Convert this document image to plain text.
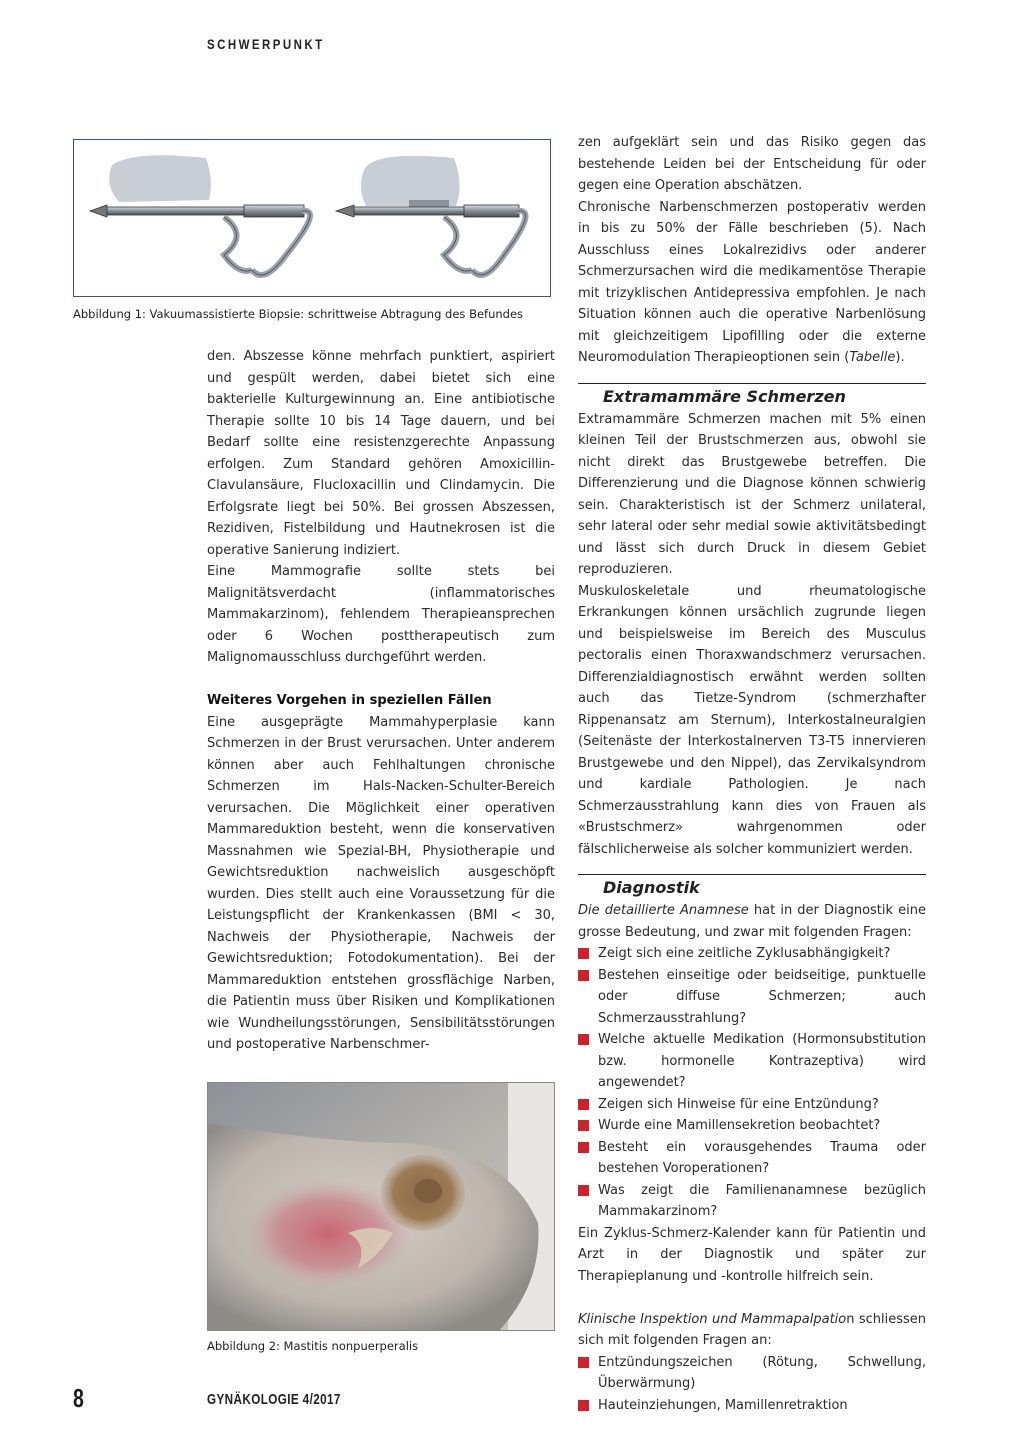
SCHWERPUNKT
Abbildung 1: Vakuumassistierte Biopsie: schrittweise Abtragung des Befundes

den. Abszesse könne mehrfach punktiert, aspiriert und gespült werden, dabei bietet sich eine bakterielle Kulturgewinnung an. Eine antibiotische Therapie sollte 10 bis 14 Tage dauern, und bei Bedarf sollte eine resistenzgerechte Anpassung erfolgen. Zum Standard gehören Amoxicillin-Clavulansäure, Flucloxacillin und Clindamycin. Die Erfolgsrate liegt bei 50%. Bei grossen Abszessen, Rezidiven, Fistelbildung und Hautnekrosen ist die operative Sanierung indiziert.

Eine Mammografie sollte stets bei Malignitätsverdacht (inflammatorisches Mammakarzinom), fehlendem Therapieansprechen oder 6 Wochen posttherapeutisch zum Malignomausschluss durchgeführt werden.

Weiteres Vorgehen in speziellen Fällen

Eine ausgeprägte Mammahyperplasie kann Schmerzen in der Brust verursachen. Unter anderem können aber auch Fehlhaltungen chronische Schmerzen im Hals-Nacken-Schulter-Bereich verursachen. Die Möglichkeit einer operativen Mammareduktion besteht, wenn die konservativen Massnahmen wie Spezial-BH, Physiotherapie und Gewichtsreduktion nachweislich ausgeschöpft wurden. Dies stellt auch eine Voraussetzung für die Leistungspflicht der Krankenkassen (BMI < 30, Nachweis der Physiotherapie, Nachweis der Gewichtsreduktion; Fotodokumentation). Bei der Mammareduktion entstehen grossflächige Narben, die Patientin muss über Risiken und Komplikationen wie Wundheilungsstörungen, Sensibilitätsstörungen und postoperative Narbenschmer-

Abbildung 2: Mastitis nonpuerperalis

zen aufgeklärt sein und das Risiko gegen das bestehende Leiden bei der Entscheidung für oder gegen eine Operation abschätzen.

Chronische Narbenschmerzen postoperativ werden in bis zu 50% der Fälle beschrieben (5). Nach Ausschluss eines Lokalrezidivs oder anderer Schmerzursachen wird die medikamentöse Therapie mit trizyklischen Antidepressiva empfohlen. Je nach Situation können auch die operative Narbenlösung mit gleichzeitigem Lipofilling oder die externe Neuromodulation Therapieoptionen sein (Tabelle).

Extramammäre Schmerzen

Extramammäre Schmerzen machen mit 5% einen kleinen Teil der Brustschmerzen aus, obwohl sie nicht direkt das Brustgewebe betreffen. Die Differenzierung und die Diagnose können schwierig sein. Charakteristisch ist der Schmerz unilateral, sehr lateral oder sehr medial sowie aktivitätsbedingt und lässt sich durch Druck in diesem Gebiet reproduzieren.

Muskuloskeletale und rheumatologische Erkrankungen können ursächlich zugrunde liegen und beispielsweise im Bereich des Musculus pectoralis einen Thoraxwandschmerz verursachen. Differenzialdiagnostisch erwähnt werden sollten auch das Tietze-Syndrom (schmerzhafter Rippenansatz am Sternum), Interkostalneuralgien (Seitenäste der Interkostalnerven T3-T5 innervieren Brustgewebe und den Nippel), das Zervikalsyndrom und kardiale Pathologien. Je nach Schmerzausstrahlung kann dies von Frauen als «Brustschmerz» wahrgenommen oder fälschlicherweise als solcher kommuniziert werden.

Diagnostik

Die detaillierte Anamnese hat in der Diagnostik eine grosse Bedeutung, und zwar mit folgenden Fragen:

Zeigt sich eine zeitliche Zyklusabhängigkeit?
Bestehen einseitige oder beidseitige, punktuelle oder diffuse Schmerzen; auch Schmerzausstrahlung?
Welche aktuelle Medikation (Hormonsubstitution bzw. hormonelle Kontrazeptiva) wird angewendet?
Zeigen sich Hinweise für eine Entzündung?
Wurde eine Mamillensekretion beobachtet?
Besteht ein vorausgehendes Trauma oder bestehen Voroperationen?
Was zeigt die Familienanamnese bezüglich Mammakarzinom?

Ein Zyklus-Schmerz-Kalender kann für Patientin und Arzt in der Diagnostik und später zur Therapieplanung und -kontrolle hilfreich sein.

Klinische Inspektion und Mammapalpation schliessen sich mit folgenden Fragen an:

Entzündungszeichen (Rötung, Schwellung, Überwärmung)
Hauteinziehungen, Mamillenretraktion
8	GYNÄKOLOGIE 4/2017
